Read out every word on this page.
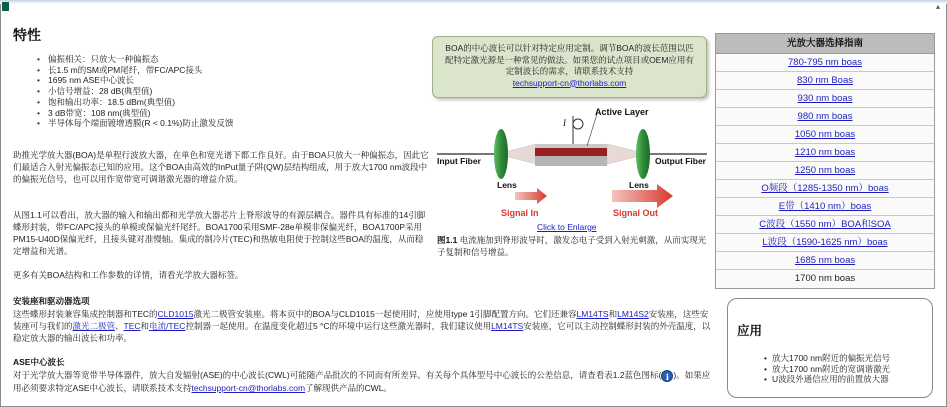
▴
特性
• 偏振相关：只放大一种偏振态
• 长1.5 m的SM或PM尾纤，带FC/APC接头
• 1695 nm ASE中心波长
• 小信号增益：28 dB(典型值)
• 饱和输出功率：18.5 dBm(典型值)
• 3 dB带宽：108 nm(典型值)
• 半导体每个端面镀增透膜(R < 0.1%)防止激发反馈

助推光学放大器(BOA)是单程行波放大器，在单色和宽光谱下都工作良好。由于BOA只放大一种偏振态，因此它们最适合入射光偏振态已知的应用。这个BOA由高效的InPut量子阱(QW)层结构组成，用于放大1700 nm波段中的偏振光信号，也可以用作宽带宽可调谐激光器的增益介质。

从图1.1可以看出，放大器的输入和输出都和光学放大器芯片上脊形波导的有源层耦合。器件具有标准的14引脚蝶形封装，带FC/APC接头的单模或保偏光纤尾纤。BOA1700采用SMF-28e单模非保偏光纤，BOA1700P采用PM15-U40D保偏光纤，且接头键对准慢轴。集成的制冷片(TEC)和热敏电阻使于控制这些BOA的温度，从而稳定增益和光谱。

更多有关BOA结构和工作参数的详情，请看光学放大器标签。

安装座和驱动器选项

这些蝶形封装兼容集成控制器和TEC的CLD1015激光二极管安装座。将本页中的BOA与CLD1015一起使用时，应使用type 1引脚配置方向。它们还兼容LM14TS和LM14S2安装座，这些安装座可与我们的激光二极管、TEC和电流/TEC控制器一起使用。在温度变化超过5 °C的环境中运行这些激光器时，我们建议使用LM14TS安装座，它可以主动控制蝶形封装的外壳温度，以稳定放大器的输出波长和功率。

ASE中心波长

对于光学放大器等宽带半导体器件，放大自发辐射(ASE)的中心波长(CWL)可能随产品批次的不同而有所差异。有关每个具体型号中心波长的公差信息，请查看表1.2蓝色图标( i )。如果应用必须要求特定ASE中心波长，请联系技术支持techsupport-cn@thorlabs.com了解现供产品的CWL。

BOA的中心波长可以针对特定应用定制。调节BOA的波长范围以匹配特定激光源是一种常见的做法。如果您的试点项目或OEM应用有定制波长的需求，请联系技术支持
techsupport-cn@thorlabs.com
I
Active Layer
Input Fiber	Output Fiber
Lens	Lens
Signal In	Signal Out
Click to Enlarge

图1.1 电流施加到脊形波导时，激发态电子受到入射光刺激，从而实现光子复制和信号增益。

光放大器选择指南
780-795 nm boas
830 nm Boas
930 nm boas
980 nm boas
1050 nm boas
1210 nm boas
1250 nm boas
O频段（1285-1350 nm）boas
E带（1410 nm）boas
C波段（1550 nm）BOA和SOA
L波段（1590-1625 nm）boas
1685 nm boas
1700 nm boas
应用
• 放大1700 nm附近的偏振光信号
• 放大1700 nm附近的宽调谐激光
• U波段外通信应用的前置放大器
